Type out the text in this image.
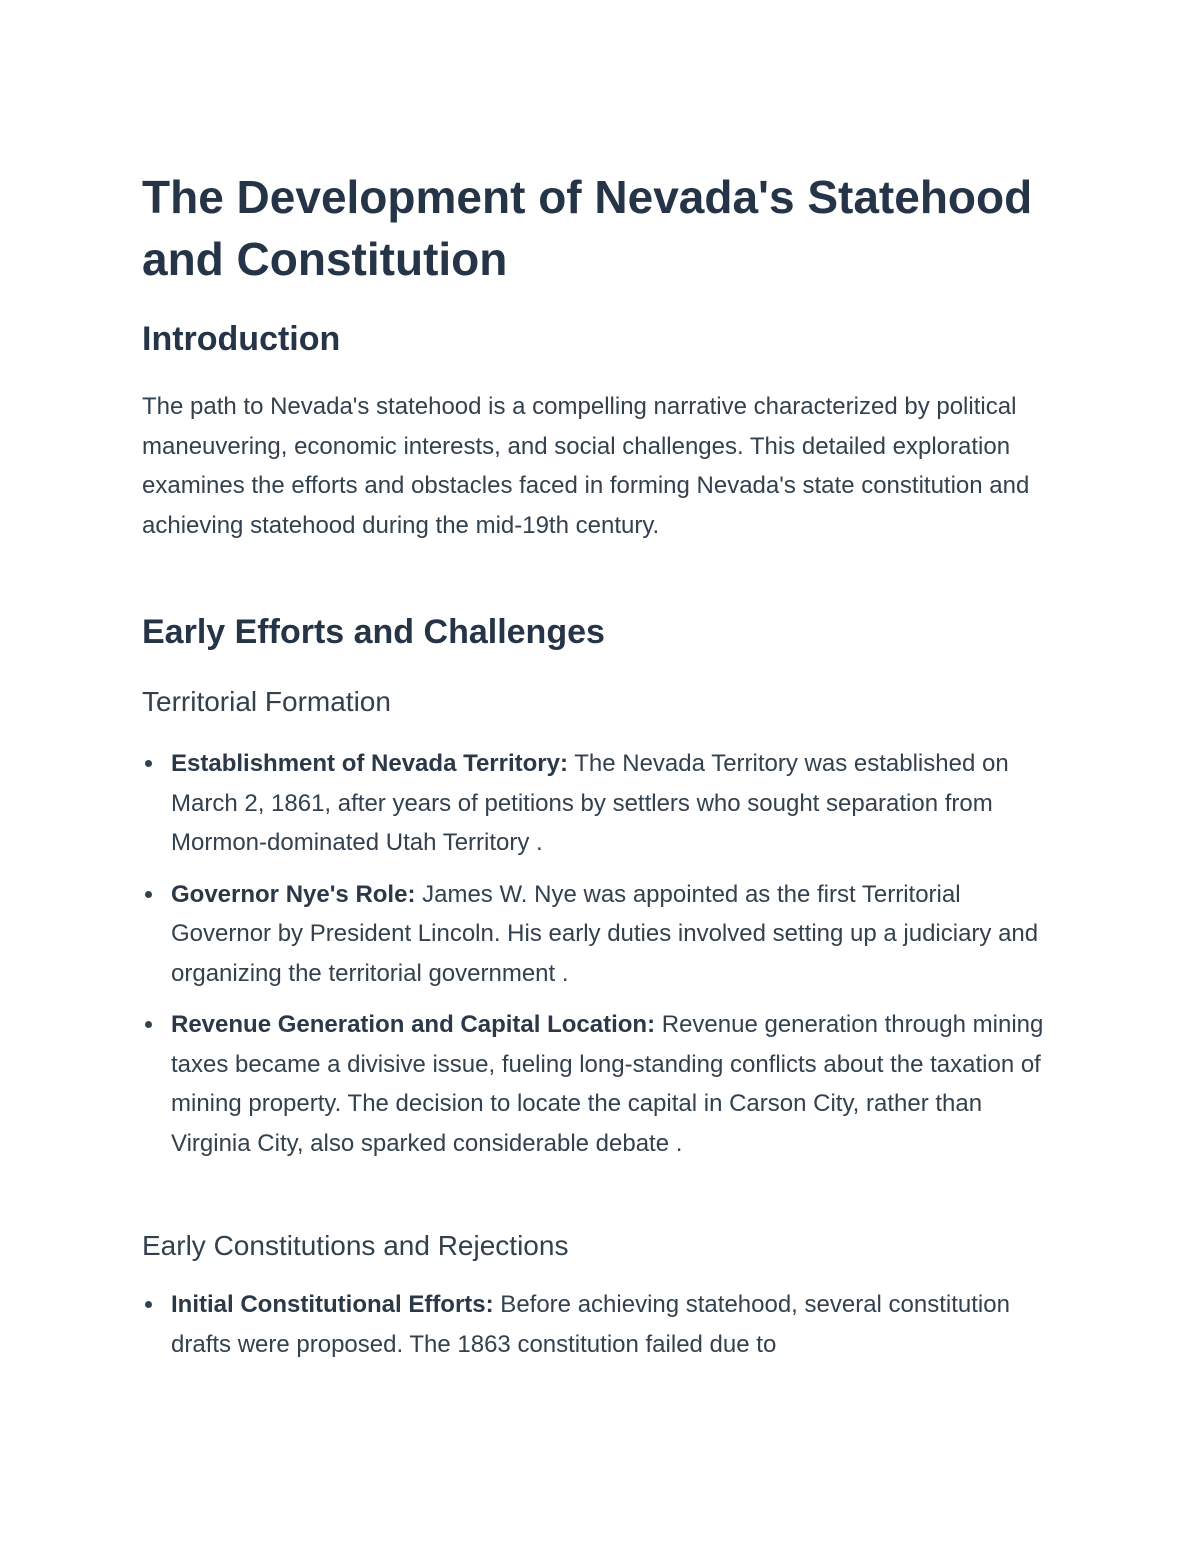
The Development of Nevada's Statehood and Constitution
Introduction

The path to Nevada's statehood is a compelling narrative characterized by political maneuvering, economic interests, and social challenges. This detailed exploration examines the efforts and obstacles faced in forming Nevada's state constitution and achieving statehood during the mid-19th century.

Early Efforts and Challenges
Territorial Formation
Establishment of Nevada Territory: The Nevada Territory was established on March 2, 1861, after years of petitions by settlers who sought separation from Mormon-dominated Utah Territory .
Governor Nye's Role: James W. Nye was appointed as the first Territorial Governor by President Lincoln. His early duties involved setting up a judiciary and organizing the territorial government .
Revenue Generation and Capital Location: Revenue generation through mining taxes became a divisive issue, fueling long-standing conflicts about the taxation of mining property. The decision to locate the capital in Carson City, rather than Virginia City, also sparked considerable debate .
Early Constitutions and Rejections
Initial Constitutional Efforts: Before achieving statehood, several constitution drafts were proposed. The 1863 constitution failed due to
